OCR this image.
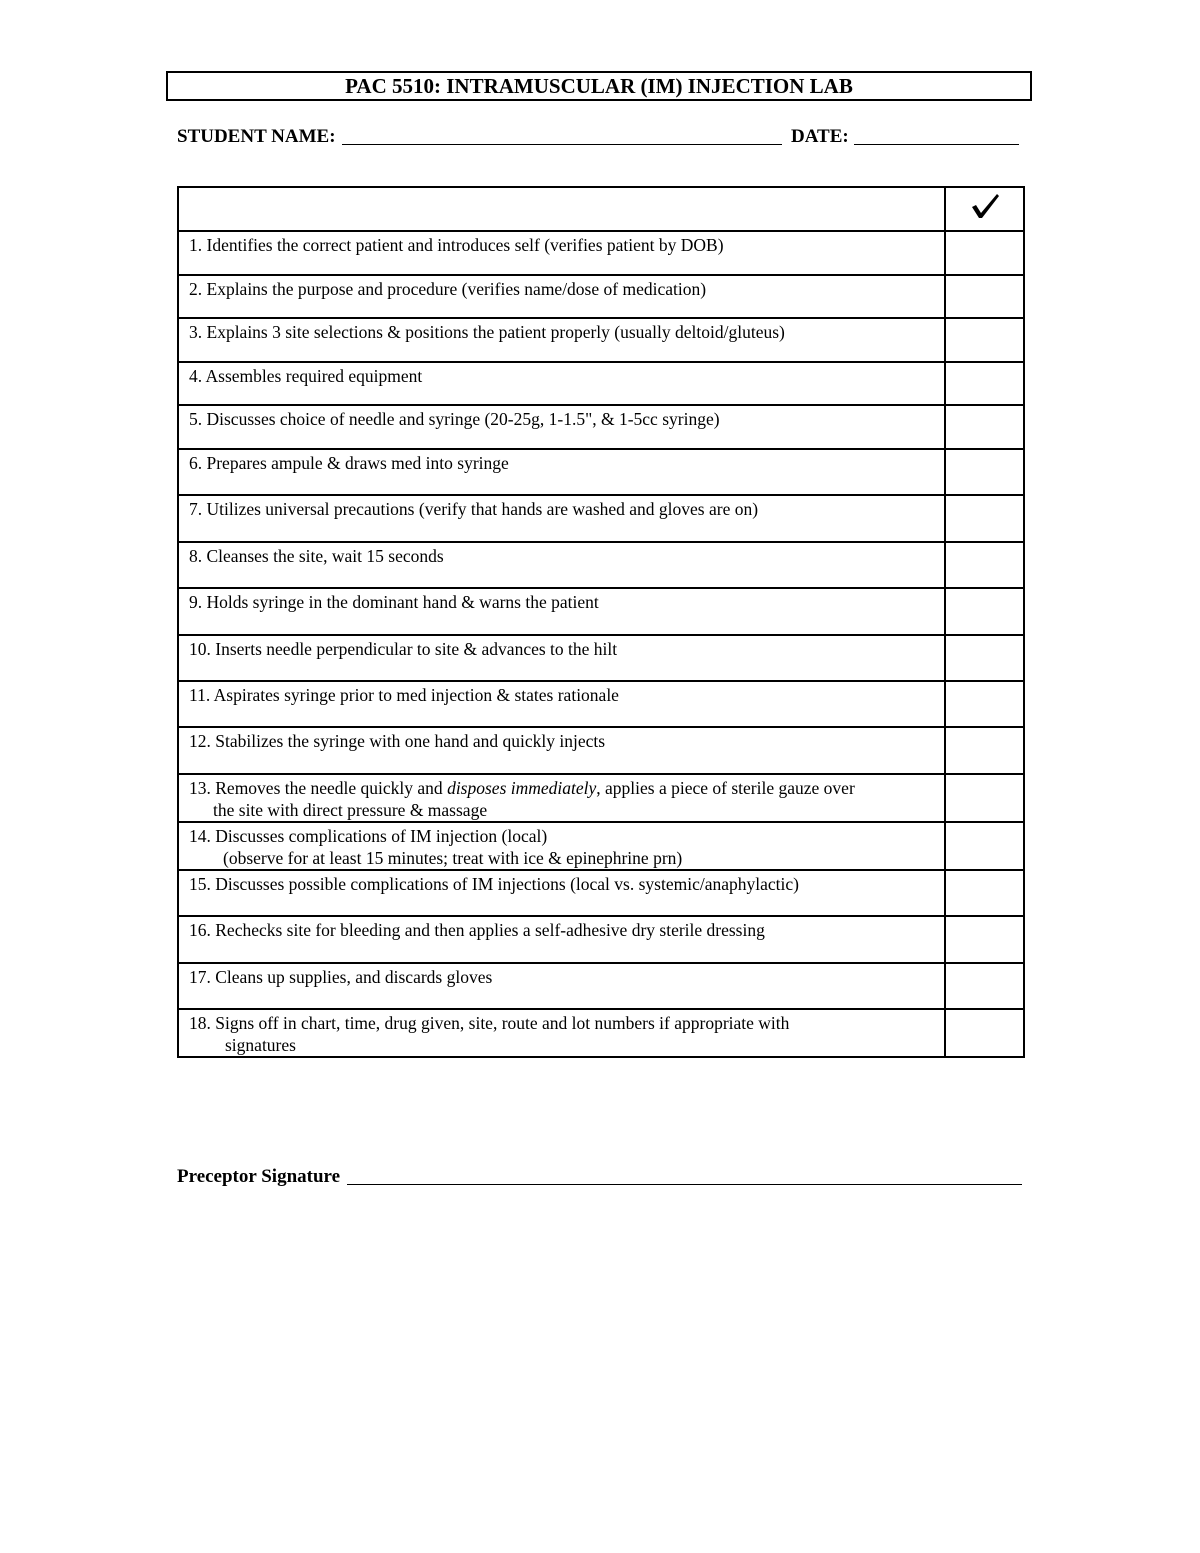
PAC 5510: INTRAMUSCULAR (IM) INJECTION LAB
STUDENT NAME:	DATE:

1. Identifies the correct patient and introduces self (verifies patient by DOB)	
2. Explains the purpose and procedure (verifies name/dose of medication)	
3. Explains 3 site selections & positions the patient properly (usually deltoid/gluteus)	
4. Assembles required equipment	
5. Discusses choice of needle and syringe (20-25g, 1-1.5", & 1-5cc syringe)	
6. Prepares ampule & draws med into syringe	
7. Utilizes universal precautions (verify that hands are washed and gloves are on)	
8. Cleanses the site, wait 15 seconds	
9. Holds syringe in the dominant hand & warns the patient	
10. Inserts needle perpendicular to site & advances to the hilt	
11. Aspirates syringe prior to med injection & states rationale	
12. Stabilizes the syringe with one hand and quickly injects	
13. Removes the needle quickly and disposes immediately, applies a piece of sterile gauze over
the site with direct pressure & massage	

14. Discusses complications of IM injection (local)
(observe for at least 15 minutes; treat with ice & epinephrine prn)	

15. Discusses possible complications of IM injections (local vs. systemic/anaphylactic)	
16. Rechecks site for bleeding and then applies a self-adhesive dry sterile dressing	
17. Cleans up supplies, and discards gloves	
18. Signs off in chart, time, drug given, site, route and lot numbers if appropriate with
signatures	

Preceptor Signature
